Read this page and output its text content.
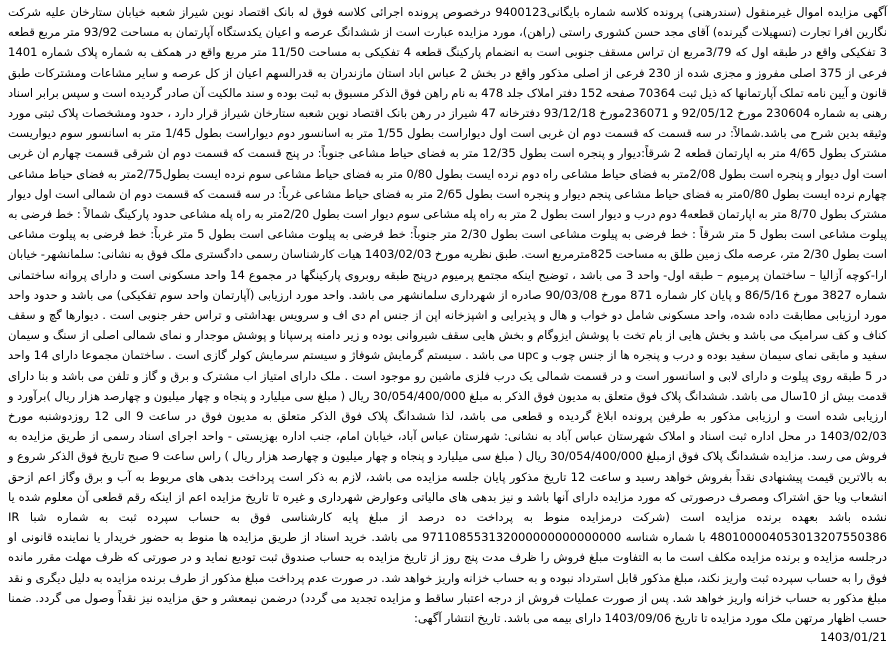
آگهی مزایده اموال غیرمنقول (سندرهنی) پرونده کلاسه شماره بایگانی9400123 درخصوص پرونده اجرائی کلاسه فوق له بانک اقتصاد نوین شیراز شعبه خیابان ستارخان علیه شرکت نگارین افرا تجارت (تسهیلات گیرنده) آقای مجد حسن کشوری راستی (راهن)، مورد مزایده عبارت است از ششدانگ عرصه و اعیان یکدستگاه آپارتمان به مساحت 93/92 متر مربع قطعه 3 تفکیکی واقع در طبقه اول که 3/79مربع ان تراس مسقف جنوبی است به انضمام پارکینگ قطعه 4 تفکیکی به مساحت 11/50 متر مربع واقع در همکف به شماره پلاک شماره 1401 فرعی از 375 اصلی مفروز و مجزی شده از 230 فرعی از اصلی مذکور واقع در بخش 2 عباس اباد استان مازندران به قدرالسهم اعیان از کل عرصه و سایر مشاعات ومشترکات طبق قانون و آیین نامه تملک آپارتمانها که ذیل ثبت 70364 صفحه 152 دفتر املاک جلد 478 به نام راهن فوق الذکر مسبوق به ثبت بوده و سند مالکیت آن صادر گردیده است و سپس برابر اسناد رهنی به شماره 230604 مورخ 92/05/12 و 236071مورخ 93/12/18 دفترخانه 47 شیراز در رهن بانک اقتصاد نوین شعبه ستارخان شیراز قرار دارد ، حدود ومشخصات پلاک ثبتی مورد وثیقه بدین شرح می باشد.شمالاً: در سه قسمت که قسمت دوم ان غربی است اول دیواراست بطول 1/55 متر به اسانسور دوم دیواراست بطول 1/45 متر به اسانسور سوم دیواریست مشترک بطول 4/65 متر به اپارتمان قطعه 2 شرقاً:دیوار و پنجره است بطول 12/35 متر به فضای حیاط مشاعی جنوباً: در پنج قسمت که قسمت دوم ان شرقی قسمت چهارم ان غربی است اول دیوار و پنجره است بطول 2/08متر به فضای حیاط مشاعی راه دوم نرده ایست بطول 0/80 متر به فضای حیاط مشاعی سوم نرده ایست بطول2/75متر به فضای حیاط مشاعی چهارم نرده ایست بطول 0/80متر به فضای حیاط مشاعی پنجم دیوار و پنجره است بطول 2/65 متر به فضای حیاط مشاعی غرباً: در سه قسمت که قسمت دوم ان شمالی است اول دیوار مشترک بطول 8/70 متر به اپارتمان قطعه4 دوم درب و دیوار است بطول 2 متر به راه پله مشاعی سوم دیوار است بطول 2/20متر به راه پله مشاعی حدود پارکینگ شمالاً : خط فرضی به پیلوت مشاعی است بطول 5 متر شرقاً : خط فرضی به پیلوت مشاعی است بطول 2/30 متر جنوباً: خط فرضی به پیلوت مشاعی است بطول 5 متر غرباً: خط فرضی به پیلوت مشاعی است بطول 2/30 متر، عرصه ملک زمین طلق به مساحت 825مترمربع است. طبق نظریه مورخ 1403/02/03 هیات کارشناسان رسمی دادگستری ملک فوق به نشانی: سلمانشهر- خیابان ارا-کوچه آزالیا – ساختمان پرمیوم – طبقه اول- واحد 3 می باشد ، توضیح اینکه مجتمع پرمیوم درپنج طبقه روبروی پارکینگها در مجموع 14 واحد مسکونی است و دارای پروانه ساختمانی شماره 3827 مورخ 86/5/16 و پایان کار شماره 871 مورخ 90/03/08 صادره از شهرداری سلمانشهر می باشد. واحد مورد ارزیابی (آپارتمان واحد سوم تفکیکی) می باشد و حدود واحد مورد ارزیابی مطابقت داده شده، واحد مسکونی شامل دو خواب و هال و پذیرایی و اشپزخانه اپن از جنس ام دی اف و سرویس بهداشتی و تراس حفر جنوبی است . دیوارها گچ و سقف کناف و کف سرامیک می باشد و بخش هایی از بام تخت با پوشش ایزوگام و بخش هایی سقف شیروانی بوده و زیر دامنه پرسپانا و پوشش موجدار و نمای شمالی اصلی از سنگ و سیمان سفید و مابقی نمای سیمان سفید بوده و درب و پنجره ها از جنس چوب و upc می باشد . سیستم گرمایش شوفاژ و سیستم سرمایش کولر گازی است . ساختمان مجموعا دارای 14 واحد در 5 طبقه روی پیلوت و دارای لابی و اسانسور است و در قسمت شمالی یک درب فلزی ماشین رو موجود است . ملک دارای امتیاز اب مشترک و برق و گاز و تلفن می باشد و بنا دارای قدمت بیش از 10سال می باشد. ششدانگ پلاک فوق متعلق به مدیون فوق الذکر به مبلغ 30/054/400/000 ریال ( مبلغ سی میلیارد و پنجاه و چهار میلیون و چهارصد هزار ریال )برآورد و ارزیابی شده است و ارزیابی مذکور به طرفین پرونده ابلاغ گردیده و قطعی می باشد، لذا ششدانگ پلاک فوق الذکر متعلق به مدیون فوق در ساعت 9 الی 12 روزدوشنبه مورخ 1403/02/03 در محل اداره ثبت اسناد و املاک شهرستان عباس آباد به نشانی: شهرستان عباس آباد، خیابان امام، جنب اداره بهزیستی - واحد اجرای اسناد رسمی از طریق مزایده به فروش می رسد. مزایده ششدانگ پلاک فوق ازمبلغ 30/054/400/000 ریال ( مبلغ سی میلیارد و پنجاه و چهار میلیون و چهارصد هزار ریال ) راس ساعت 9 صبح تاریخ فوق الذکر شروع و به بالاترین قیمت پیشنهادی نقداً بفروش خواهد رسید و ساعت 12 تاریخ مذکور پایان جلسه مزایده می باشد، لازم به ذکر است پرداخت بدهی های مربوط به آب و برق وگاز اعم ازحق انشعاب ویا حق اشتراک ومصرف درصورتی که مورد مزایده دارای آنها باشد و نیز بدهی های مالیاتی وعوارض شهرداری و غیره تا تاریخ مزایده اعم از اینکه رقم قطعی آن معلوم شده یا نشده باشد بعهده برنده مزایده است (شرکت درمزایده منوط به پرداخت ده درصد از مبلغ پایه کارشناسی فوق به حساب سپرده ثبت به شماره شبا IR 480100004053013207550386 با شماره شناسه 971108553132000000000000000 می باشد. خرید اسناد از طریق مزایده ها منوط به حضور خریدار یا نماینده قانونی او درجلسه مزایده و برنده مزایده مکلف است ما به التفاوت مبلغ فروش را ظرف مدت پنج روز از تاریخ مزایده به حساب صندوق ثبت تودیع نماید و در صورتی که ظرف مهلت مقرر مانده فوق را به حساب سپرده ثبت واریز نکند، مبلغ مذکور قابل استرداد نبوده و به حساب خزانه واریز خواهد شد. در صورت عدم پرداخت مبلغ مذکور از طرف برنده مزایده به دلیل دیگری و نقد مبلغ مذکور به حساب خزانه واریز خواهد شد. پس از صورت عملیات فروش از درجه اعتبار ساقط و مزایده تجدید می گردد) درضمن نیمعشر و حق مزایده نیز نقداً وصول می گردد. ضمنا حسب اظهار مرتهن ملک مورد مزایده تا تاریخ 1403/09/06 دارای بیمه می باشد. تاریخ انتشار آگهی:

1403/01/21
